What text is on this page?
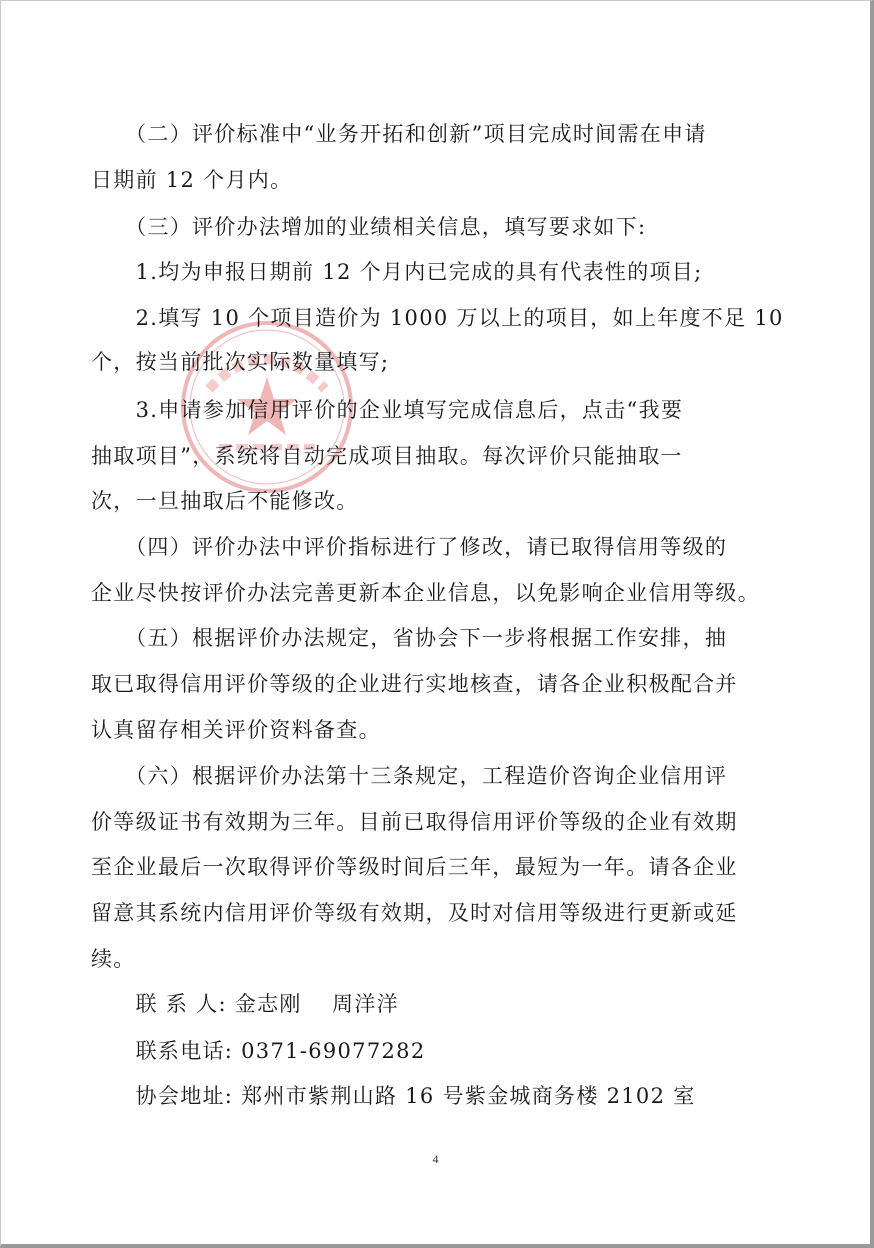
　　（二）评价标准中“业务开拓和创新”项目完成时间需在申请
日期前 12 个月内。
　　（三）评价办法增加的业绩相关信息，填写要求如下:
　　1.均为申报日期前 12 个月内已完成的具有代表性的项目;
　　2.填写 10 个项目造价为 1000 万以上的项目，如上年度不足 10
个，按当前批次实际数量填写;
　　3.申请参加信用评价的企业填写完成信息后，点击“我要
抽取项目”，系统将自动完成项目抽取。每次评价只能抽取一
次，一旦抽取后不能修改。
　　（四）评价办法中评价指标进行了修改，请已取得信用等级的
企业尽快按评价办法完善更新本企业信息，以免影响企业信用等级。
　　（五）根据评价办法规定，省协会下一步将根据工作安排，抽
取已取得信用评价等级的企业进行实地核查，请各企业积极配合并
认真留存相关评价资料备查。
　　（六）根据评价办法第十三条规定，工程造价咨询企业信用评
价等级证书有效期为三年。目前已取得信用评价等级的企业有效期
至企业最后一次取得评价等级时间后三年，最短为一年。请各企业
留意其系统内信用评价等级有效期，及时对信用等级进行更新或延
续。
　　联 系 人: 金志刚　 周洋洋
　　联系电话: 0371-69077282
　　协会地址: 郑州市紫荆山路 16 号紫金城商务楼 2102 室
4
